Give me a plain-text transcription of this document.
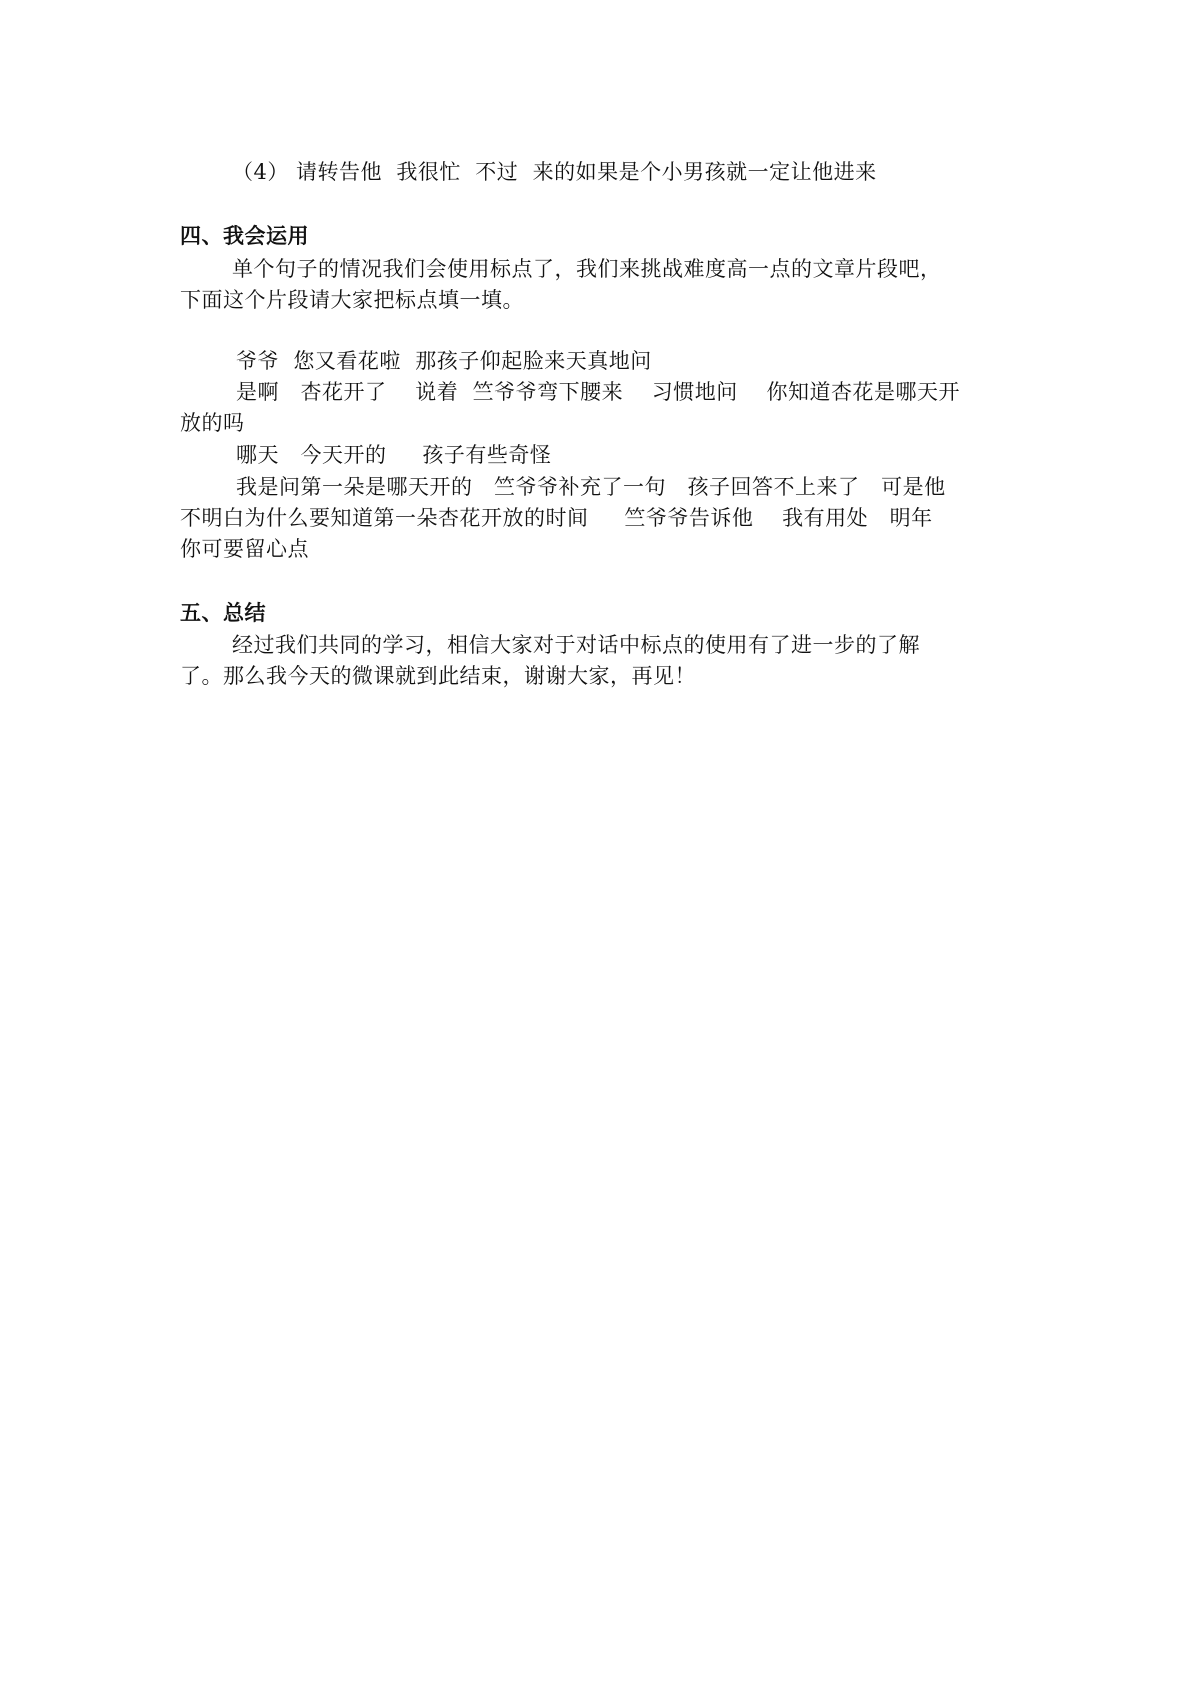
（4） 请转告他  我很忙  不过  来的如果是个小男孩就一定让他进来
四、我会运用
单个句子的情况我们会使用标点了，我们来挑战难度高一点的文章片段吧，
下面这个片段请大家把标点填一填。
爷爷  您又看花啦  那孩子仰起脸来天真地问
是啊   杏花开了    说着  竺爷爷弯下腰来    习惯地问    你知道杏花是哪天开
放的吗
哪天   今天开的     孩子有些奇怪
我是问第一朵是哪天开的   竺爷爷补充了一句   孩子回答不上来了   可是他
不明白为什么要知道第一朵杏花开放的时间     竺爷爷告诉他    我有用处   明年
你可要留心点
五、总结
经过我们共同的学习，相信大家对于对话中标点的使用有了进一步的了解
了。那么我今天的微课就到此结束，谢谢大家，再见！
